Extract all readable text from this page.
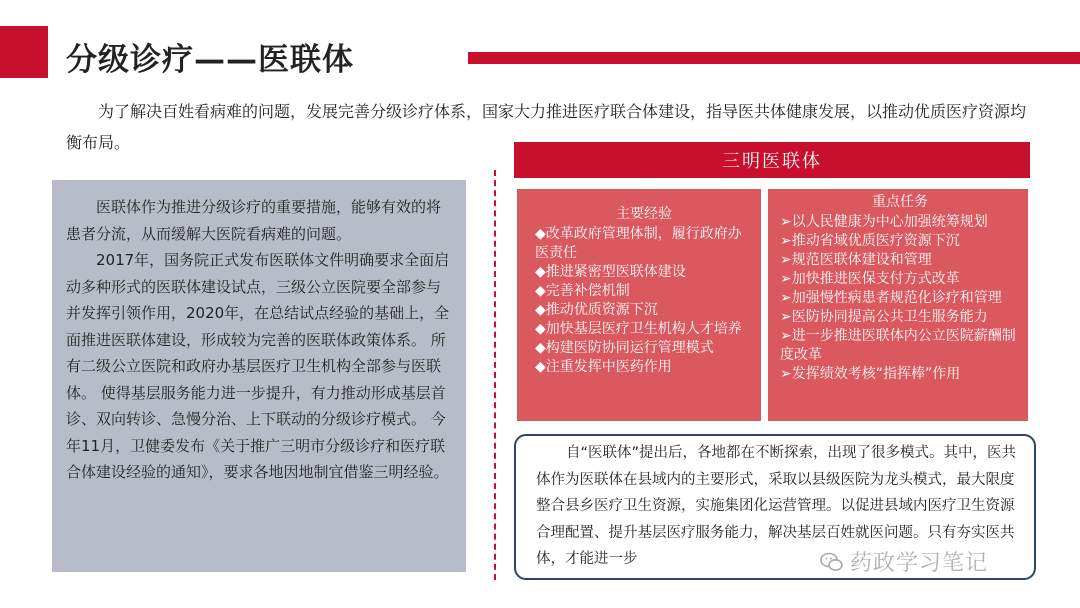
分级诊疗——医联体
为了解决百姓看病难的问题，发展完善分级诊疗体系，国家大力推进医疗联合体建设，指导医共体健康发展，以推动优质医疗资源均衡布局。

医联体作为推进分级诊疗的重要措施，能够有效的将患者分流，从而缓解大医院看病难的问题。

2017年，国务院正式发布医联体文件明确要求全面启动多种形式的医联体建设试点，三级公立医院要全部参与并发挥引领作用，2020年，在总结试点经验的基础上，全面推进医联体建设，形成较为完善的医联体政策体系。 所有二级公立医院和政府办基层医疗卫生机构全部参与医联体。 使得基层服务能力进一步提升，有力推动形成基层首诊、双向转诊、急慢分治、上下联动的分级诊疗模式。 今年11月，卫健委发布《关于推广三明市分级诊疗和医疗联合体建设经验的通知》，要求各地因地制宜借鉴三明经验。

三明医联体
主要经验
◆改革政府管理体制，履行政府办医责任
◆推进紧密型医联体建设
◆完善补偿机制
◆推动优质资源下沉
◆加快基层医疗卫生机构人才培养
◆构建医防协同运行管理模式
◆注重发挥中医药作用
重点任务
➢以人民健康为中心加强统筹规划
➢推动省域优质医疗资源下沉
➢规范医联体建设和管理
➢加快推进医保支付方式改革
➢加强慢性病患者规范化诊疗和管理
➢医防协同提高公共卫生服务能力
➢进一步推进医联体内公立医院薪酬制度改革
➢发挥绩效考核“指挥棒”作用

自“医联体”提出后，各地都在不断探索，出现了很多模式。其中，医共体作为医联体在县域内的主要形式，采取以县级医院为龙头模式，最大限度整合县乡医疗卫生资源，实施集团化运营管理。以促进县域内医疗卫生资源合理配置、提升基层医疗服务能力，解决基层百姓就医问题。只有夯实医共体，才能进一步	药政学习笔记
